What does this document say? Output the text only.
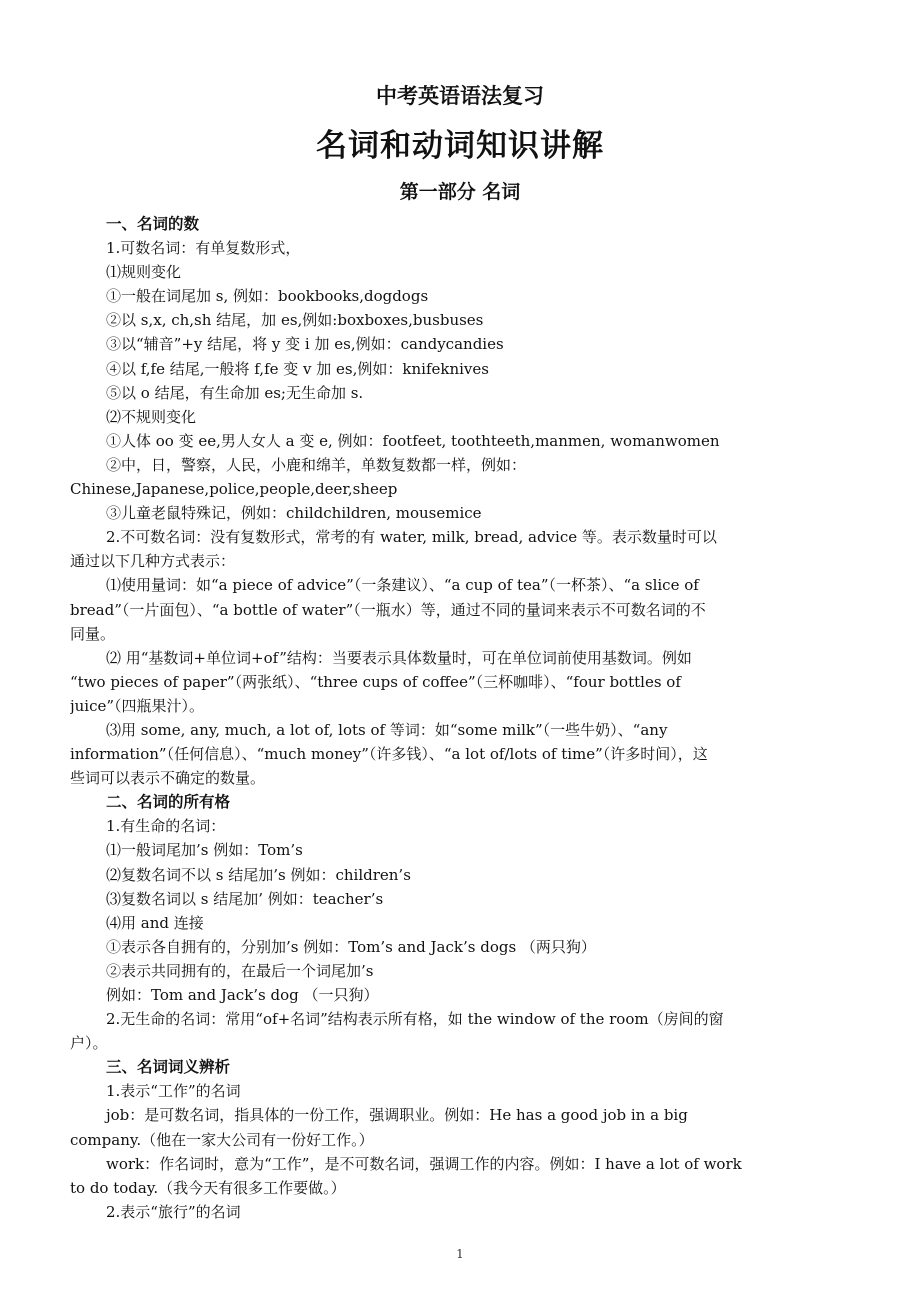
中考英语语法复习
名词和动词知识讲解
第一部分 名词
一、名词的数
1.可数名词：有单复数形式，
⑴规则变化
①一般在词尾加 s, 例如：bookbooks,dogdogs
②以 s,x, ch,sh 结尾，加 es,例如:boxboxes,busbuses
③以“辅音”+y 结尾，将 y 变 i 加 es,例如：candycandies
④以 f,fe 结尾,一般将 f,fe 变 v 加 es,例如：knifeknives
⑤以 o 结尾，有生命加 es;无生命加 s.
⑵不规则变化
①人体 oo 变 ee,男人女人 a 变 e, 例如：footfeet, toothteeth,manmen, womanwomen
②中，日，警察，人民，小鹿和绵羊，单数复数都一样，例如：
Chinese,Japanese,police,people,deer,sheep
③儿童老鼠特殊记，例如：childchildren, mousemice
2.不可数名词：没有复数形式，常考的有 water, milk, bread, advice 等。表示数量时可以
通过以下几种方式表示：
⑴使用量词：如“a piece of advice”（一条建议）、“a cup of tea”（一杯茶）、“a slice of
bread”（一片面包）、“a bottle of water”（一瓶水）等，通过不同的量词来表示不可数名词的不
同量。
⑵ 用“基数词+单位词+of”结构：当要表示具体数量时，可在单位词前使用基数词。例如
“two pieces of paper”（两张纸）、“three cups of coffee”（三杯咖啡）、“four bottles of
juice”（四瓶果汁）。
⑶用 some, any, much, a lot of, lots of 等词：如“some milk”（一些牛奶）、“any
information”（任何信息）、“much money”（许多钱）、“a lot of/lots of time”（许多时间），这
些词可以表示不确定的数量。
二、名词的所有格
1.有生命的名词：
⑴一般词尾加’s 例如：Tom’s
⑵复数名词不以 s 结尾加’s 例如：children’s
⑶复数名词以 s 结尾加’ 例如：teacher’s
⑷用 and 连接
①表示各自拥有的，分别加’s 例如：Tom’s and Jack’s dogs （两只狗）
②表示共同拥有的，在最后一个词尾加’s
例如：Tom and Jack’s dog （一只狗）
2.无生命的名词：常用“of+名词”结构表示所有格，如 the window of the room（房间的窗
户）。
三、名词词义辨析
1.表示“工作”的名词
job：是可数名词，指具体的一份工作，强调职业。例如：He has a good job in a big
company.（他在一家大公司有一份好工作。）
work：作名词时，意为“工作”，是不可数名词，强调工作的内容。例如：I have a lot of work
to do today.（我今天有很多工作要做。）
2.表示“旅行”的名词
1
